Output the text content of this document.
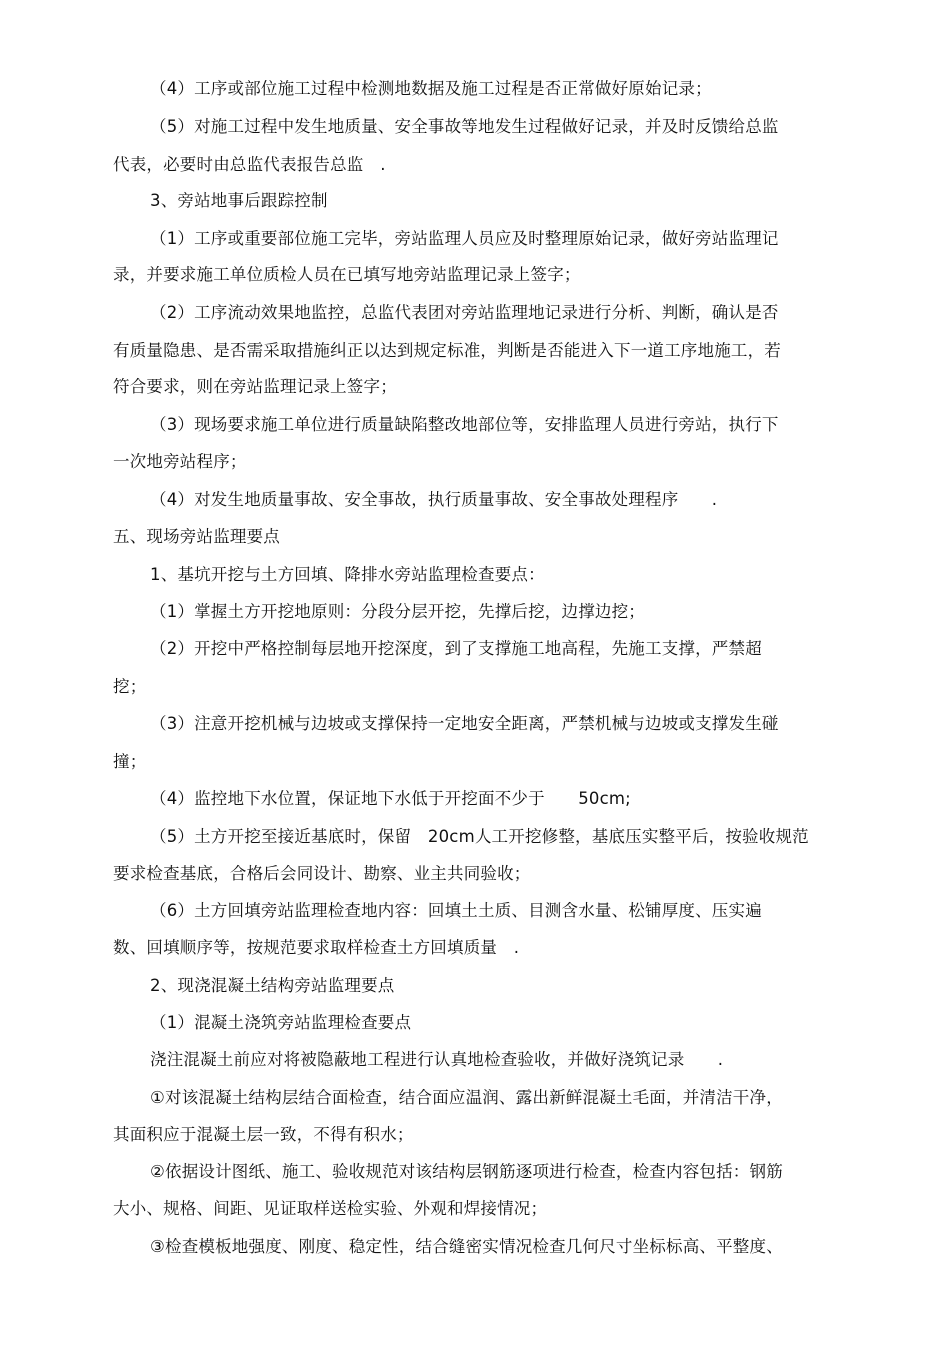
（4）工序或部位施工过程中检测地数据及施工过程是否正常做好原始记录；
（5）对施工过程中发生地质量、安全事故等地发生过程做好记录，并及时反馈给总监
代表，必要时由总监代表报告总监　.
3、旁站地事后跟踪控制
（1）工序或重要部位施工完毕，旁站监理人员应及时整理原始记录，做好旁站监理记
录，并要求施工单位质检人员在已填写地旁站监理记录上签字；
（2）工序流动效果地监控，总监代表团对旁站监理地记录进行分析、判断，确认是否
有质量隐患、是否需采取措施纠正以达到规定标准，判断是否能进入下一道工序地施工，若
符合要求，则在旁站监理记录上签字；
（3）现场要求施工单位进行质量缺陷整改地部位等，安排监理人员进行旁站，执行下
一次地旁站程序；
（4）对发生地质量事故、安全事故，执行质量事故、安全事故处理程序　　.
五、现场旁站监理要点
1、基坑开挖与土方回填、降排水旁站监理检查要点：
（1）掌握土方开挖地原则：分段分层开挖，先撑后挖，边撑边挖；
（2）开挖中严格控制每层地开挖深度，到了支撑施工地高程，先施工支撑，严禁超
挖；
（3）注意开挖机械与边坡或支撑保持一定地安全距离，严禁机械与边坡或支撑发生碰
撞；
（4）监控地下水位置，保证地下水低于开挖面不少于　　50cm;
（5）土方开挖至接近基底时，保留　20cm人工开挖修整，基底压实整平后，按验收规范
要求检查基底，合格后会同设计、勘察、业主共同验收；
（6）土方回填旁站监理检查地内容：回填土土质、目测含水量、松铺厚度、压实遍
数、回填顺序等，按规范要求取样检查土方回填质量　.
2、现浇混凝土结构旁站监理要点
（1）混凝土浇筑旁站监理检查要点
浇注混凝土前应对将被隐蔽地工程进行认真地检查验收，并做好浇筑记录　　.
①对该混凝土结构层结合面检查，结合面应温润、露出新鲜混凝土毛面，并清洁干净，
其面积应于混凝土层一致，不得有积水；
②依据设计图纸、施工、验收规范对该结构层钢筋逐项进行检查，检查内容包括：钢筋
大小、规格、间距、见证取样送检实验、外观和焊接情况；
③检查模板地强度、刚度、稳定性，结合缝密实情况检查几何尺寸坐标标高、平整度、
